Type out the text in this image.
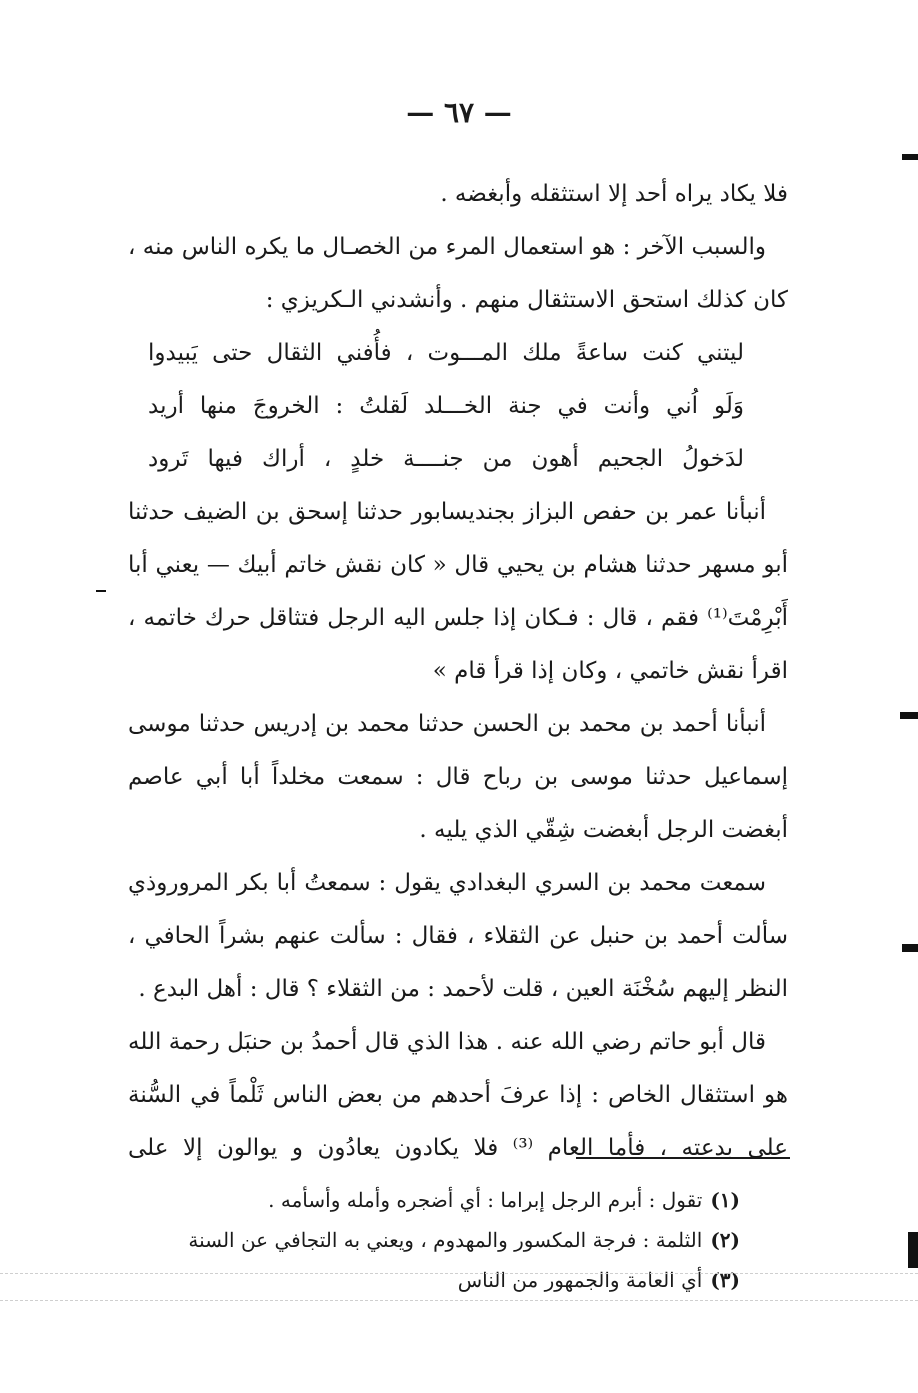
— ٦٧ —
فلا يكاد يراه أحد إلا استثقله وأبغضه .
والسبب الآخر : هو استعمال المرء من الخصـال ما يكره الناس منه ،
كان كذلك استحق الاستثقال منهم . وأنشدني الـكريزي :
ليتني كنت ساعةً ملك المـــوت ، فأُفني الثقال حتى يَبيدوا
وَلَو اُني وأنت في جنة الخـــلد لَقلتُ : الخروجَ منها أريد
لدَخولُ الجحيم أهون من جنــــة خلدٍ ، أراك فيها تَرود
أنبأنا عمر بن حفص البزاز بجنديسابور حدثنا إسحق بن الضيف حدثنا
أبو مسهر حدثنا هشام بن يحيي قال « كان نقش خاتم أبيك — يعني أبا
أَبْرِمْتَ⁽¹⁾ فقم ، قال : فـكان إذا جلس اليه الرجل فتثاقل حرك خاتمه ،
اقرأ نقش خاتمي ، وكان إذا قرأ قام »
أنبأنا أحمد بن محمد بن الحسن حدثنا محمد بن إدريس حدثنا موسى
إسماعيل حدثنا موسى بن رباح قال : سمعت مخلداً أبا أبي عاصم
أبغضت الرجل أبغضت شِقّي الذي يليه .
سمعت محمد بن السري البغدادي يقول : سمعتُ أبا بكر المروروذي
سألت أحمد بن حنبل عن الثقلاء ، فقال : سألت عنهم بشراً الحافي ،
النظر إليهم سُخْنَة العين ، قلت لأحمد : من الثقلاء ؟ قال : أهل البدع .
قال أبو حاتم رضي الله عنه . هذا الذي قال أحمدُ بن حنبَل رحمة الله
هو استثقال الخاص : إذا عرفَ أحدهم من بعض الناس ثَلْماً في السُّنة
على بدعته ، فأما العام ⁽³⁾ فلا يكادون يعادُون و يوالون إلا على
(١)تقول : أبرم الرجل إبراما : أي أضجره وأمله وأسأمه .
(٢)الثلمة : فرجة المكسور والمهدوم ، ويعني به التجافي عن السنة
(٣)أي العامة والجمهور من الناس
